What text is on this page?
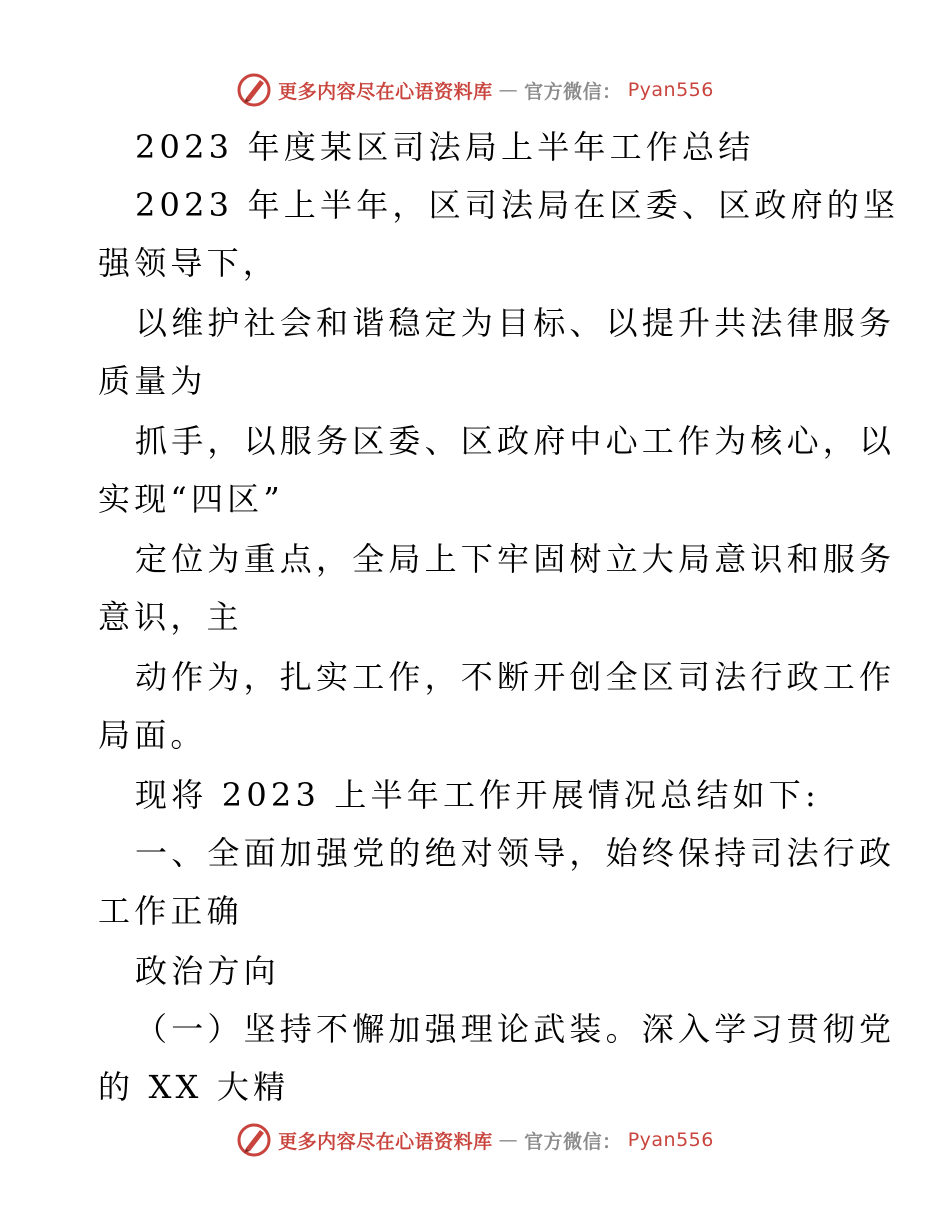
更多内容尽在心语资料库 — 官方微信： Pyan556
2023 年度某区司法局上半年工作总结
2023 年上半年，区司法局在区委、区政府的坚
强领导下，
以维护社会和谐稳定为目标、以提升共法律服务
质量为
抓手，以服务区委、区政府中心工作为核心，以
实现“四区”
定位为重点，全局上下牢固树立大局意识和服务
意识，主
动作为，扎实工作，不断开创全区司法行政工作
局面。
现将 2023 上半年工作开展情况总结如下:
一、全面加强党的绝对领导，始终保持司法行政
工作正确
政治方向
（一）坚持不懈加强理论武装。深入学习贯彻党
的 XX 大精
更多内容尽在心语资料库 — 官方微信： Pyan556
